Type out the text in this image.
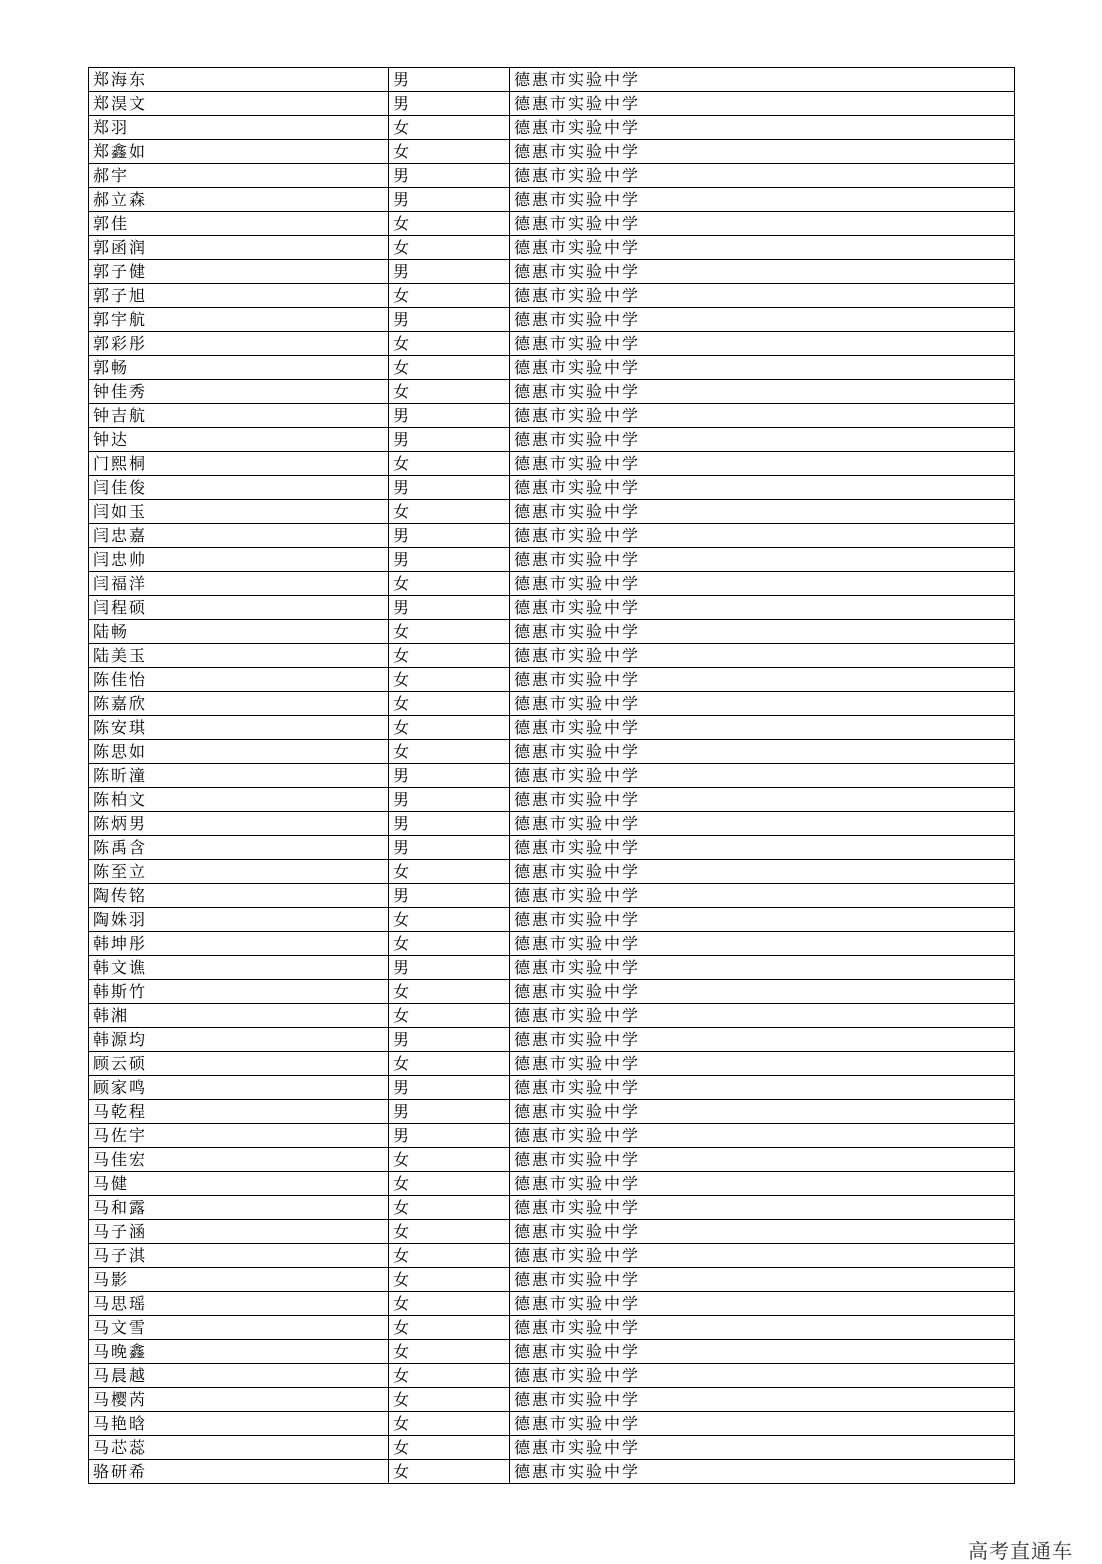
郑海东	男	德惠市实验中学
郑淏文	男	德惠市实验中学
郑羽	女	德惠市实验中学
郑鑫如	女	德惠市实验中学
郝宇	男	德惠市实验中学
郝立森	男	德惠市实验中学
郭佳	女	德惠市实验中学
郭函润	女	德惠市实验中学
郭子健	男	德惠市实验中学
郭子旭	女	德惠市实验中学
郭宇航	男	德惠市实验中学
郭彩彤	女	德惠市实验中学
郭畅	女	德惠市实验中学
钟佳秀	女	德惠市实验中学
钟吉航	男	德惠市实验中学
钟达	男	德惠市实验中学
门熙桐	女	德惠市实验中学
闫佳俊	男	德惠市实验中学
闫如玉	女	德惠市实验中学
闫忠嘉	男	德惠市实验中学
闫忠帅	男	德惠市实验中学
闫福洋	女	德惠市实验中学
闫程硕	男	德惠市实验中学
陆畅	女	德惠市实验中学
陆美玉	女	德惠市实验中学
陈佳怡	女	德惠市实验中学
陈嘉欣	女	德惠市实验中学
陈安琪	女	德惠市实验中学
陈思如	女	德惠市实验中学
陈昕潼	男	德惠市实验中学
陈柏文	男	德惠市实验中学
陈炳男	男	德惠市实验中学
陈禹含	男	德惠市实验中学
陈至立	女	德惠市实验中学
陶传铭	男	德惠市实验中学
陶姝羽	女	德惠市实验中学
韩坤彤	女	德惠市实验中学
韩文谯	男	德惠市实验中学
韩斯竹	女	德惠市实验中学
韩湘	女	德惠市实验中学
韩源均	男	德惠市实验中学
顾云硕	女	德惠市实验中学
顾家鸣	男	德惠市实验中学
马乾程	男	德惠市实验中学
马佐宇	男	德惠市实验中学
马佳宏	女	德惠市实验中学
马健	女	德惠市实验中学
马和露	女	德惠市实验中学
马子涵	女	德惠市实验中学
马子淇	女	德惠市实验中学
马影	女	德惠市实验中学
马思瑶	女	德惠市实验中学
马文雪	女	德惠市实验中学
马晚鑫	女	德惠市实验中学
马晨越	女	德惠市实验中学
马樱芮	女	德惠市实验中学
马艳晗	女	德惠市实验中学
马芯蕊	女	德惠市实验中学
骆研希	女	德惠市实验中学
高考直通车
